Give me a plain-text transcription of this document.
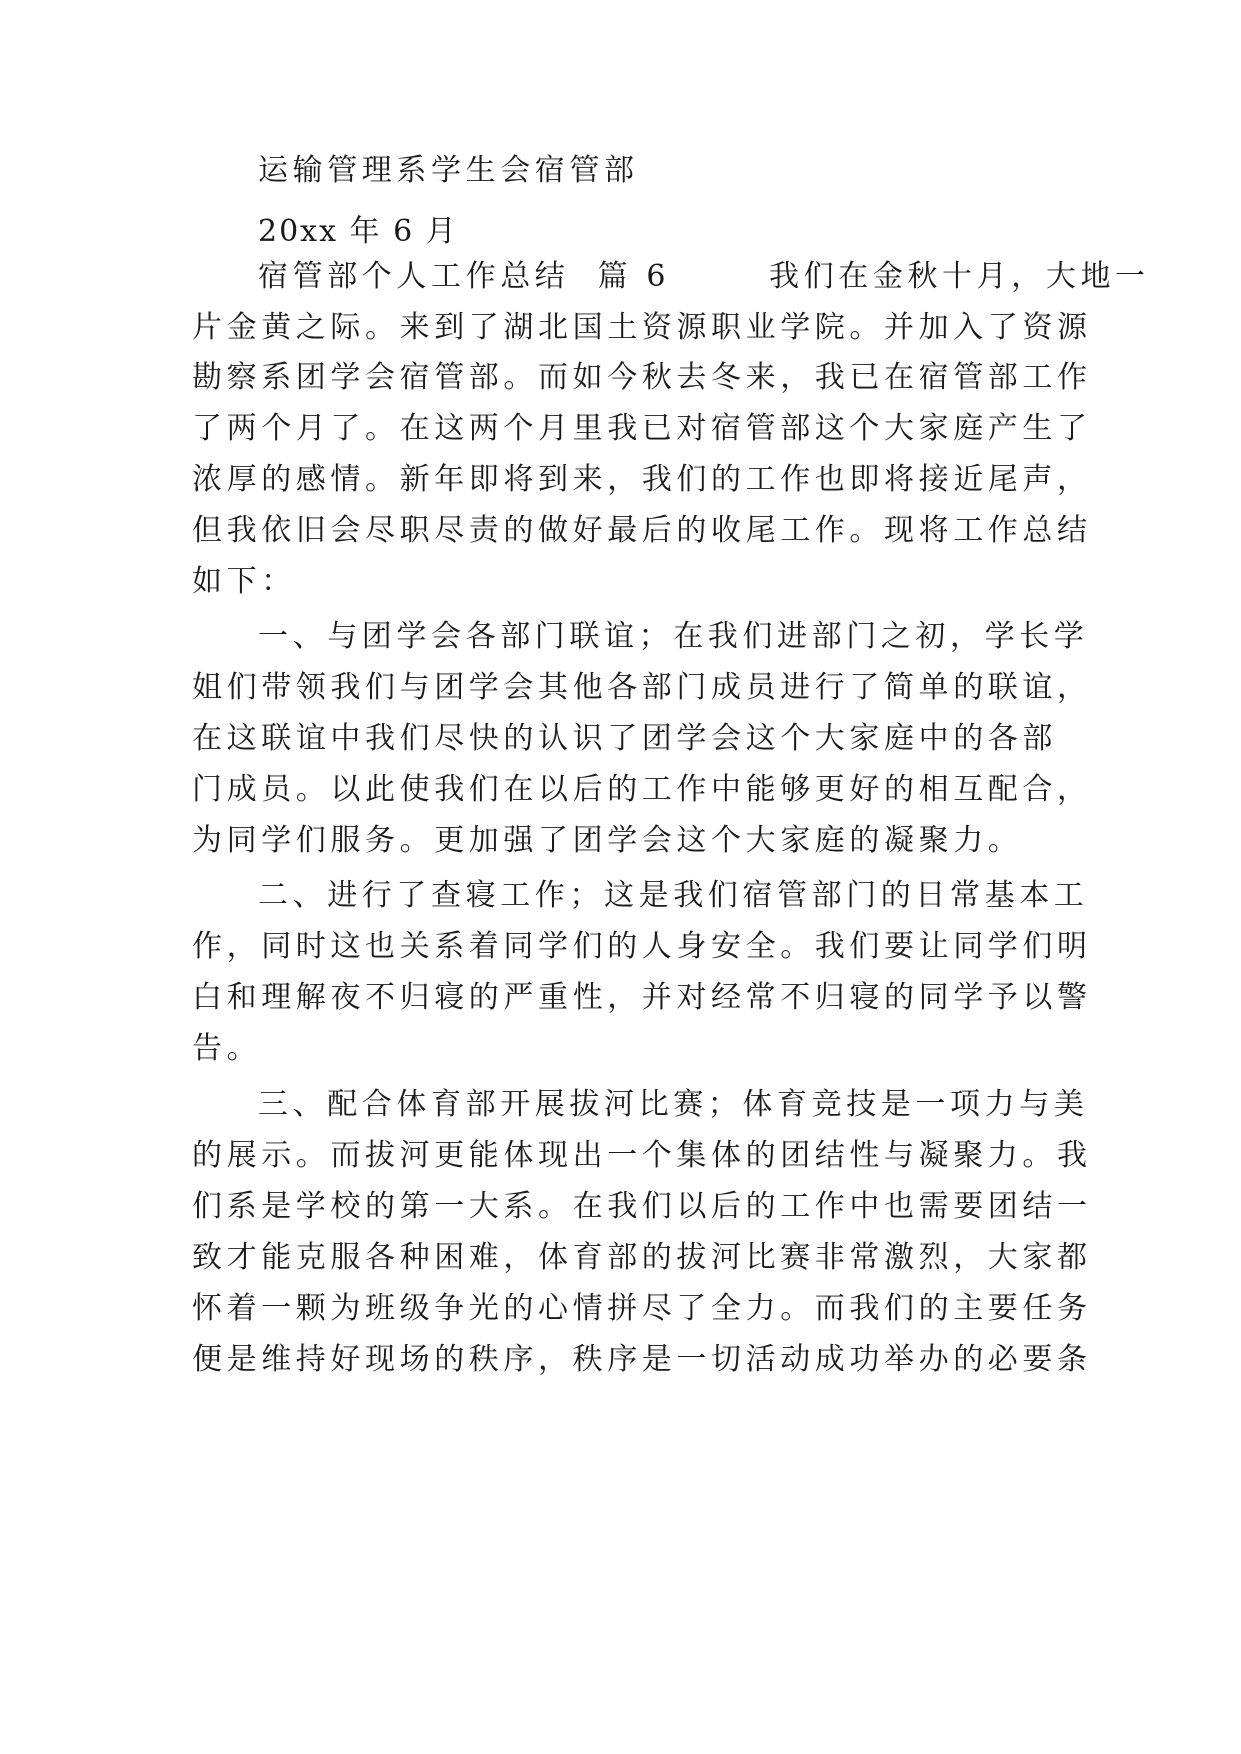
运输管理系学生会宿管部

20xx 年 6 月

宿管部个人工作总结  篇 6       我们在金秋十月，大地一

片金黄之际。来到了湖北国土资源职业学院。并加入了资源

勘察系团学会宿管部。而如今秋去冬来，我已在宿管部工作

了两个月了。在这两个月里我已对宿管部这个大家庭产生了

浓厚的感情。新年即将到来，我们的工作也即将接近尾声，

但我依旧会尽职尽责的做好最后的收尾工作。现将工作总结

如下：

一、与团学会各部门联谊；在我们进部门之初，学长学

姐们带领我们与团学会其他各部门成员进行了简单的联谊，

在这联谊中我们尽快的认识了团学会这个大家庭中的各部

门成员。以此使我们在以后的工作中能够更好的相互配合，

为同学们服务。更加强了团学会这个大家庭的凝聚力。

二、进行了查寝工作；这是我们宿管部门的日常基本工

作，同时这也关系着同学们的人身安全。我们要让同学们明

白和理解夜不归寝的严重性，并对经常不归寝的同学予以警

告。

三、配合体育部开展拔河比赛；体育竞技是一项力与美

的展示。而拔河更能体现出一个集体的团结性与凝聚力。我

们系是学校的第一大系。在我们以后的工作中也需要团结一

致才能克服各种困难，体育部的拔河比赛非常激烈，大家都

怀着一颗为班级争光的心情拼尽了全力。而我们的主要任务

便是维持好现场的秩序，秩序是一切活动成功举办的必要条
